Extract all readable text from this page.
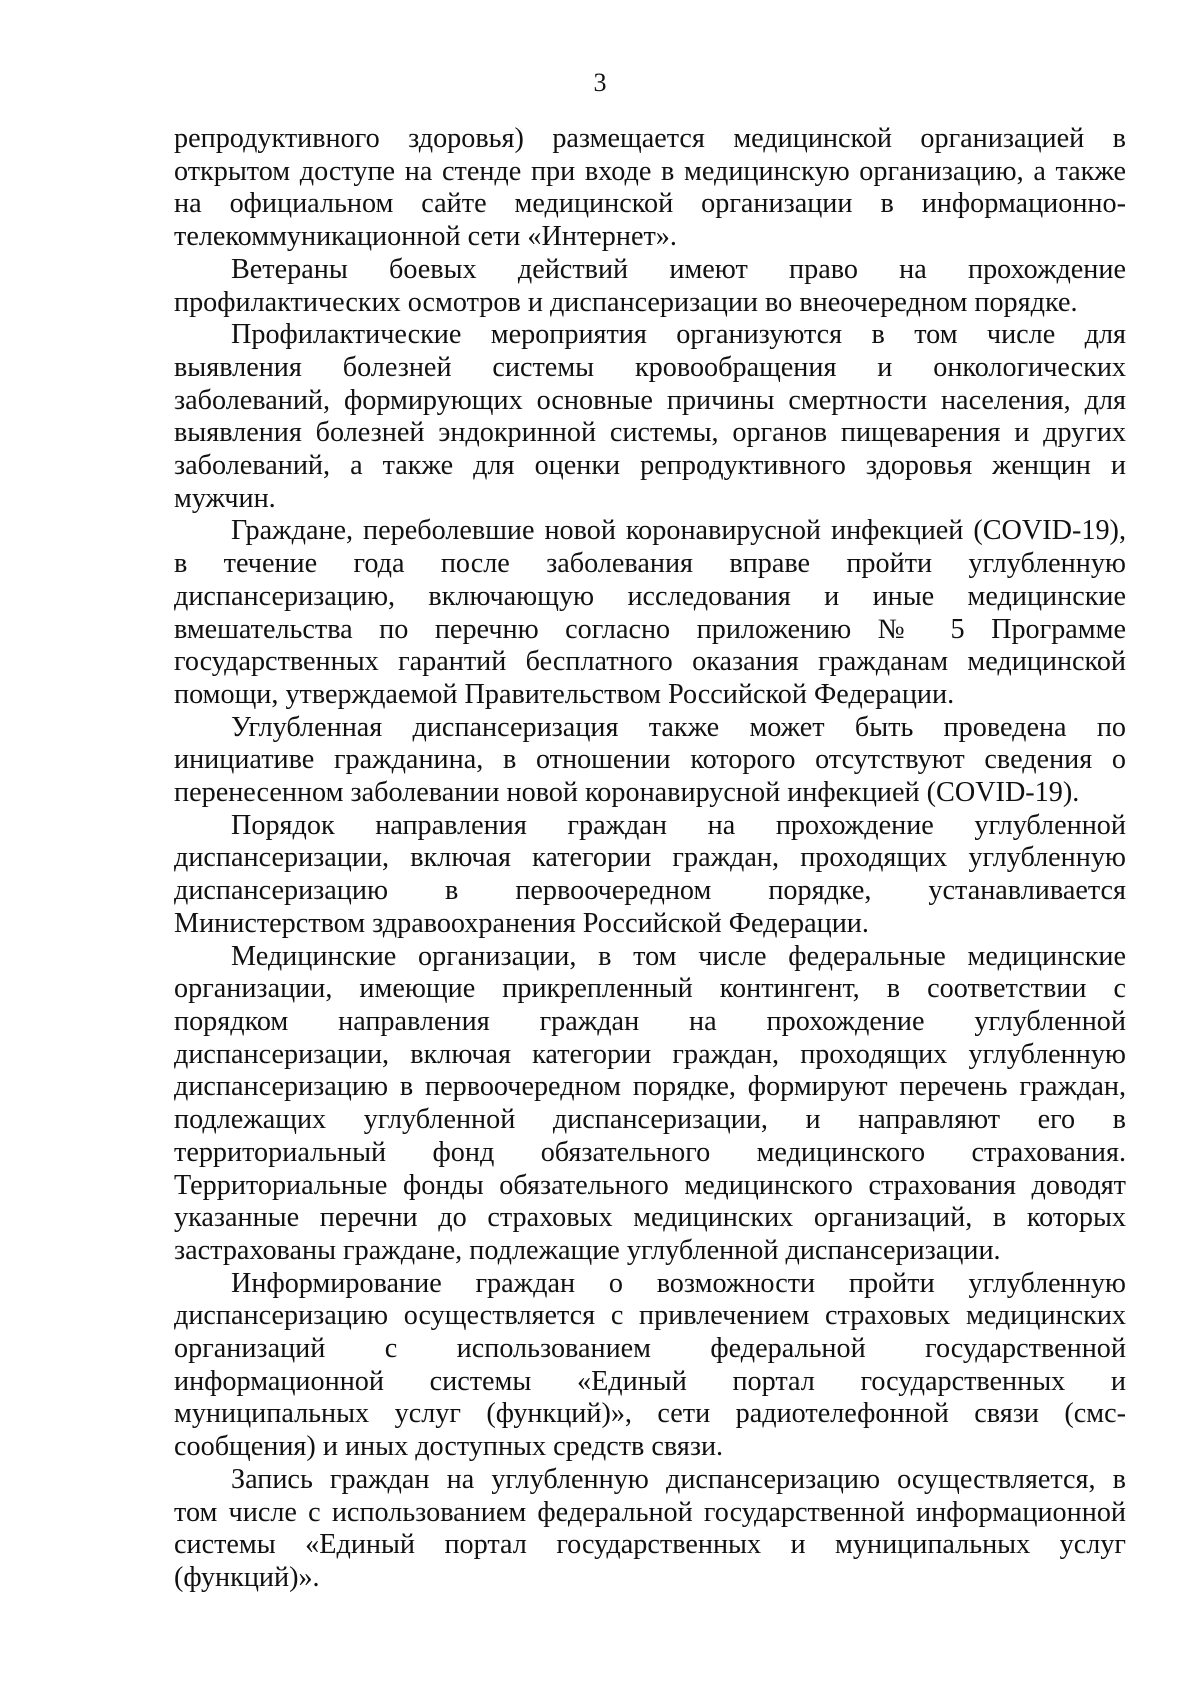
3
репродуктивного здоровья) размещается медицинской организацией в
открытом доступе на стенде при входе в медицинскую организацию, а также
на официальном сайте медицинской организации в информационно-
телекоммуникационной сети «Интернет».
Ветераны боевых действий имеют право на прохождение
профилактических осмотров и диспансеризации во внеочередном порядке.
Профилактические мероприятия организуются в том числе для
выявления болезней системы кровообращения и онкологических
заболеваний, формирующих основные причины смертности населения, для
выявления болезней эндокринной системы, органов пищеварения и других
заболеваний, а также для оценки репродуктивного здоровья женщин и
мужчин.
Граждане, переболевшие новой коронавирусной инфекцией (COVID-19),
в течение года после заболевания вправе пройти углубленную
диспансеризацию, включающую исследования и иные медицинские
вмешательства по перечню согласно приложению № 5 Программе
государственных гарантий бесплатного оказания гражданам медицинской
помощи, утверждаемой Правительством Российской Федерации.
Углубленная диспансеризация также может быть проведена по
инициативе гражданина, в отношении которого отсутствуют сведения о
перенесенном заболевании новой коронавирусной инфекцией (COVID-19).
Порядок направления граждан на прохождение углубленной
диспансеризации, включая категории граждан, проходящих углубленную
диспансеризацию в первоочередном порядке, устанавливается
Министерством здравоохранения Российской Федерации.
Медицинские организации, в том числе федеральные медицинские
организации, имеющие прикрепленный контингент, в соответствии с
порядком направления граждан на прохождение углубленной
диспансеризации, включая категории граждан, проходящих углубленную
диспансеризацию в первоочередном порядке, формируют перечень граждан,
подлежащих углубленной диспансеризации, и направляют его в
территориальный фонд обязательного медицинского страхования.
Территориальные фонды обязательного медицинского страхования доводят
указанные перечни до страховых медицинских организаций, в которых
застрахованы граждане, подлежащие углубленной диспансеризации.
Информирование граждан о возможности пройти углубленную
диспансеризацию осуществляется с привлечением страховых медицинских
организаций с использованием федеральной государственной
информационной системы «Единый портал государственных и
муниципальных услуг (функций)», сети радиотелефонной связи (смс-
сообщения) и иных доступных средств связи.
Запись граждан на углубленную диспансеризацию осуществляется, в
том числе с использованием федеральной государственной информационной
системы «Единый портал государственных и муниципальных услуг
(функций)».
